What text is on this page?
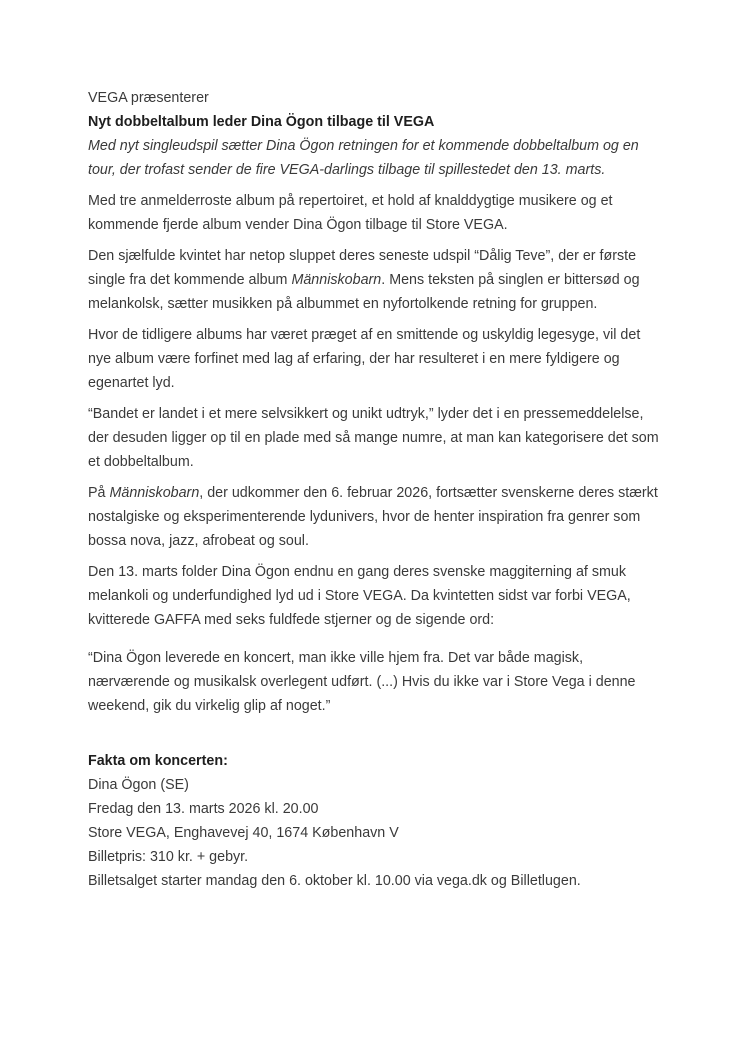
VEGA præsenterer

Nyt dobbeltalbum leder Dina Ögon tilbage til VEGA

Med nyt singleudspil sætter Dina Ögon retningen for et kommende dobbeltalbum og en tour, der trofast sender de fire VEGA-darlings tilbage til spillestedet den 13. marts.

Med tre anmelderroste album på repertoiret, et hold af knalddygtige musikere og et kommende fjerde album vender Dina Ögon tilbage til Store VEGA.

Den sjælfulde kvintet har netop sluppet deres seneste udspil “Dålig Teve”, der er første single fra det kommende album Människobarn. Mens teksten på singlen er bittersød og melankolsk, sætter musikken på albummet en nyfortolkende retning for gruppen.

Hvor de tidligere albums har været præget af en smittende og uskyldig legesyge, vil det nye album være forfinet med lag af erfaring, der har resulteret i en mere fyldigere og egenartet lyd.

“Bandet er landet i et mere selvsikkert og unikt udtryk,” lyder det i en pressemeddelelse, der desuden ligger op til en plade med så mange numre, at man kan kategorisere det som et dobbeltalbum.

På Människobarn, der udkommer den 6. februar 2026, fortsætter svenskerne deres stærkt nostalgiske og eksperimenterende lydunivers, hvor de henter inspiration fra genrer som bossa nova, jazz, afrobeat og soul.

Den 13. marts folder Dina Ögon endnu en gang deres svenske maggiterning af smuk melankoli og underfundighed lyd ud i Store VEGA. Da kvintetten sidst var forbi VEGA, kvitterede GAFFA med seks fuldfede stjerner og de sigende ord:

“Dina Ögon leverede en koncert, man ikke ville hjem fra. Det var både magisk, nærværende og musikalsk overlegent udført. (...) Hvis du ikke var i Store Vega i denne weekend, gik du virkelig glip af noget.”

Fakta om koncerten:

Dina Ögon (SE)
Fredag den 13. marts 2026 kl. 20.00
Store VEGA, Enghavevej 40, 1674 København V
Billetpris: 310 kr. + gebyr.
Billetsalget starter mandag den 6. oktober kl. 10.00 via vega.dk og Billetlugen.
